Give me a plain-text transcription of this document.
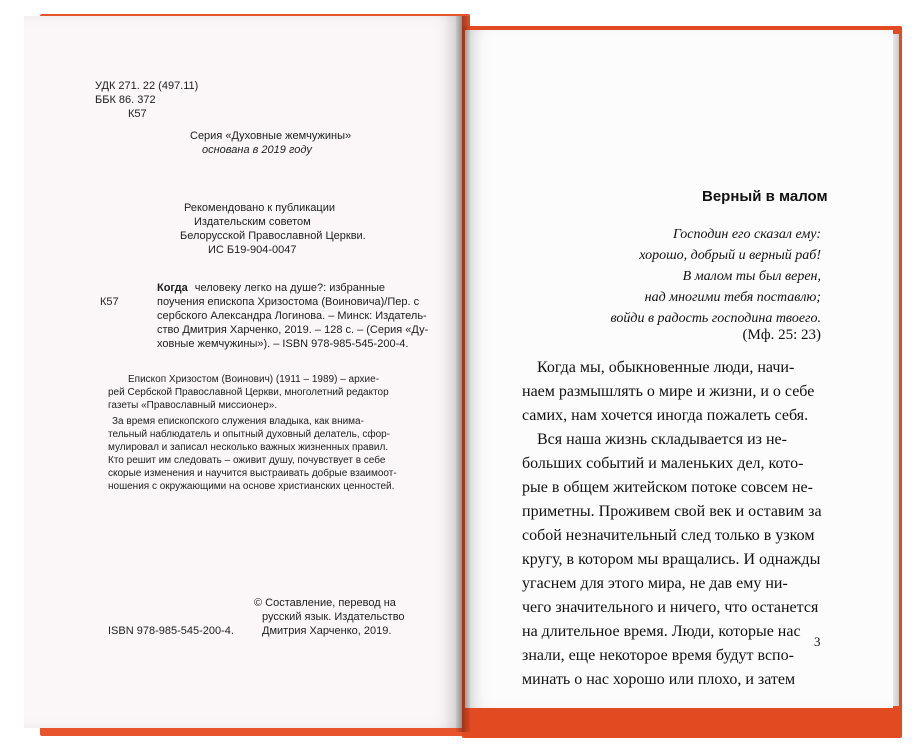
УДК 271. 22 (497.11)
ББК 86. 372
К57
Серия «Духовные жемчужины»
основана в 2019 году
Рекомендовано к публикации
Издательским советом
Белорусской Православной Церкви.
ИС Б19-904-0047
К57
Когда человеку легко на душе?: избранные
поучения епископа Хризостома (Воиновича)/Пер. с
сербского Александра Логинова. – Минск: Издатель-
ство Дмитрия Харченко, 2019. – 128 с. – (Серия «Ду-
ховные жемчужины»). – ISBN 978-985-545-200-4.
Епископ Хризостом (Воинович) (1911 – 1989) – архие-
рей Сербской Православной Церкви, многолетний редактор
газеты «Православный миссионер».
За время епископского служения владыка, как внима-
тельный наблюдатель и опытный духовный делатель, сфор-
мулировал и записал несколько важных жизненных правил.
Кто решит им следовать – оживит душу, почувствует в себе
скорые изменения и научится выстраивать добрые взаимоот-
ношения с окружающими на основе христианских ценностей.
© Составление, перевод на
русский язык. Издательство
Дмитрия Харченко, 2019.
ISBN 978-985-545-200-4.
Верный в малом
Господин его сказал ему:
хорошо, добрый и верный раб!
В малом ты был верен,
над многими тебя поставлю;
войди в радость господина твоего.
(Мф. 25: 23)
Когда мы, обыкновенные люди, начи-
наем размышлять о мире и жизни, и о себе
самих, нам хочется иногда пожалеть себя.
Вся наша жизнь складывается из не-
больших событий и маленьких дел, кото-
рые в общем житейском потоке совсем не-
приметны. Проживем свой век и оставим за
собой незначительный след только в узком
кругу, в котором мы вращались. И однажды
угаснем для этого мира, не дав ему ни-
чего значительного и ничего, что останется
на длительное время. Люди, которые нас
знали, еще некоторое время будут вспо-
минать о нас хорошо или плохо, и затем
3
